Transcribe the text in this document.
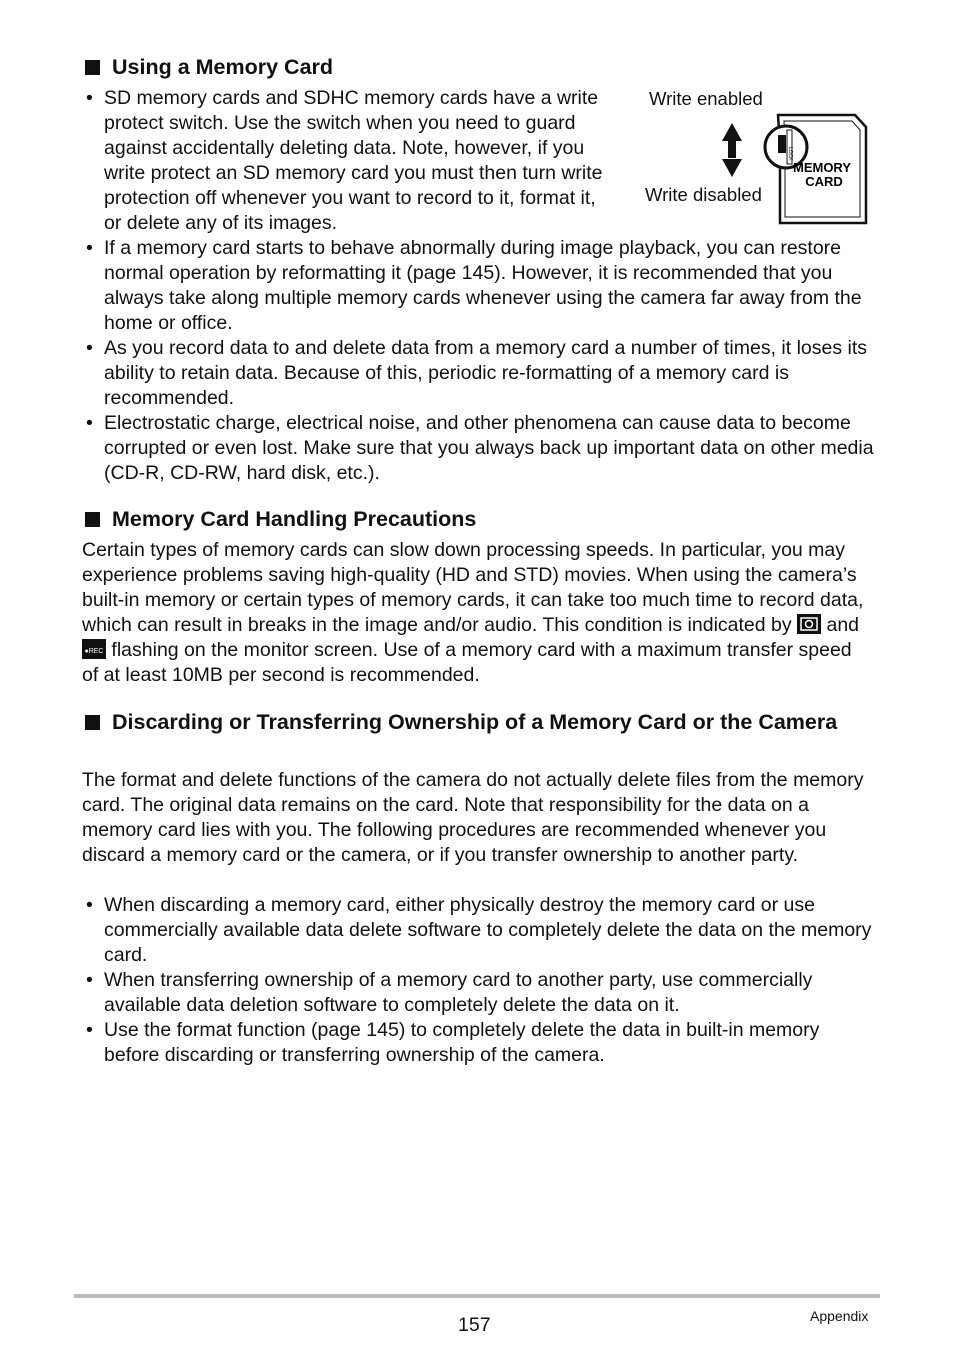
Using a Memory Card
• SD memory cards and SDHC memory cards have a write protect switch. Use the switch when you need to guard against accidentally deleting data. Note, however, if you write protect an SD memory card you must then turn write protection off whenever you want to record to it, format it, or delete any of its images.
• If a memory card starts to behave abnormally during image playback, you can restore normal operation by reformatting it (page 145). However, it is recommended that you always take along multiple memory cards whenever using the camera far away from the home or office.
• As you record data to and delete data from a memory card a number of times, it loses its ability to retain data. Because of this, periodic re-formatting of a memory card is recommended.
• Electrostatic charge, electrical noise, and other phenomena can cause data to become corrupted or even lost. Make sure that you always back up important data on other media (CD-R, CD-RW, hard disk, etc.).
Write enabled
Write disabled
LOCK
MEMORY
CARD
Memory Card Handling Precautions
Certain types of memory cards can slow down processing speeds. In particular, you may experience problems saving high-quality (HD and STD) movies. When using the camera’s built-in memory or certain types of memory cards, it can take too much time to record data, which can result in breaks in the image and/or audio. This condition is indicated by and
●REC flashing on the monitor screen. Use of a memory card with a maximum transfer speed of at least 10MB per second is recommended.
Discarding or Transferring Ownership of a Memory Card or the Camera
The format and delete functions of the camera do not actually delete files from the memory card. The original data remains on the card. Note that responsibility for the data on a memory card lies with you. The following procedures are recommended whenever you discard a memory card or the camera, or if you transfer ownership to another party.
• When discarding a memory card, either physically destroy the memory card or use commercially available data delete software to completely delete the data on the memory card.
• When transferring ownership of a memory card to another party, use commercially available data deletion software to completely delete the data on it.
• Use the format function (page 145) to completely delete the data in built-in memory before discarding or transferring ownership of the camera.
157	Appendix
